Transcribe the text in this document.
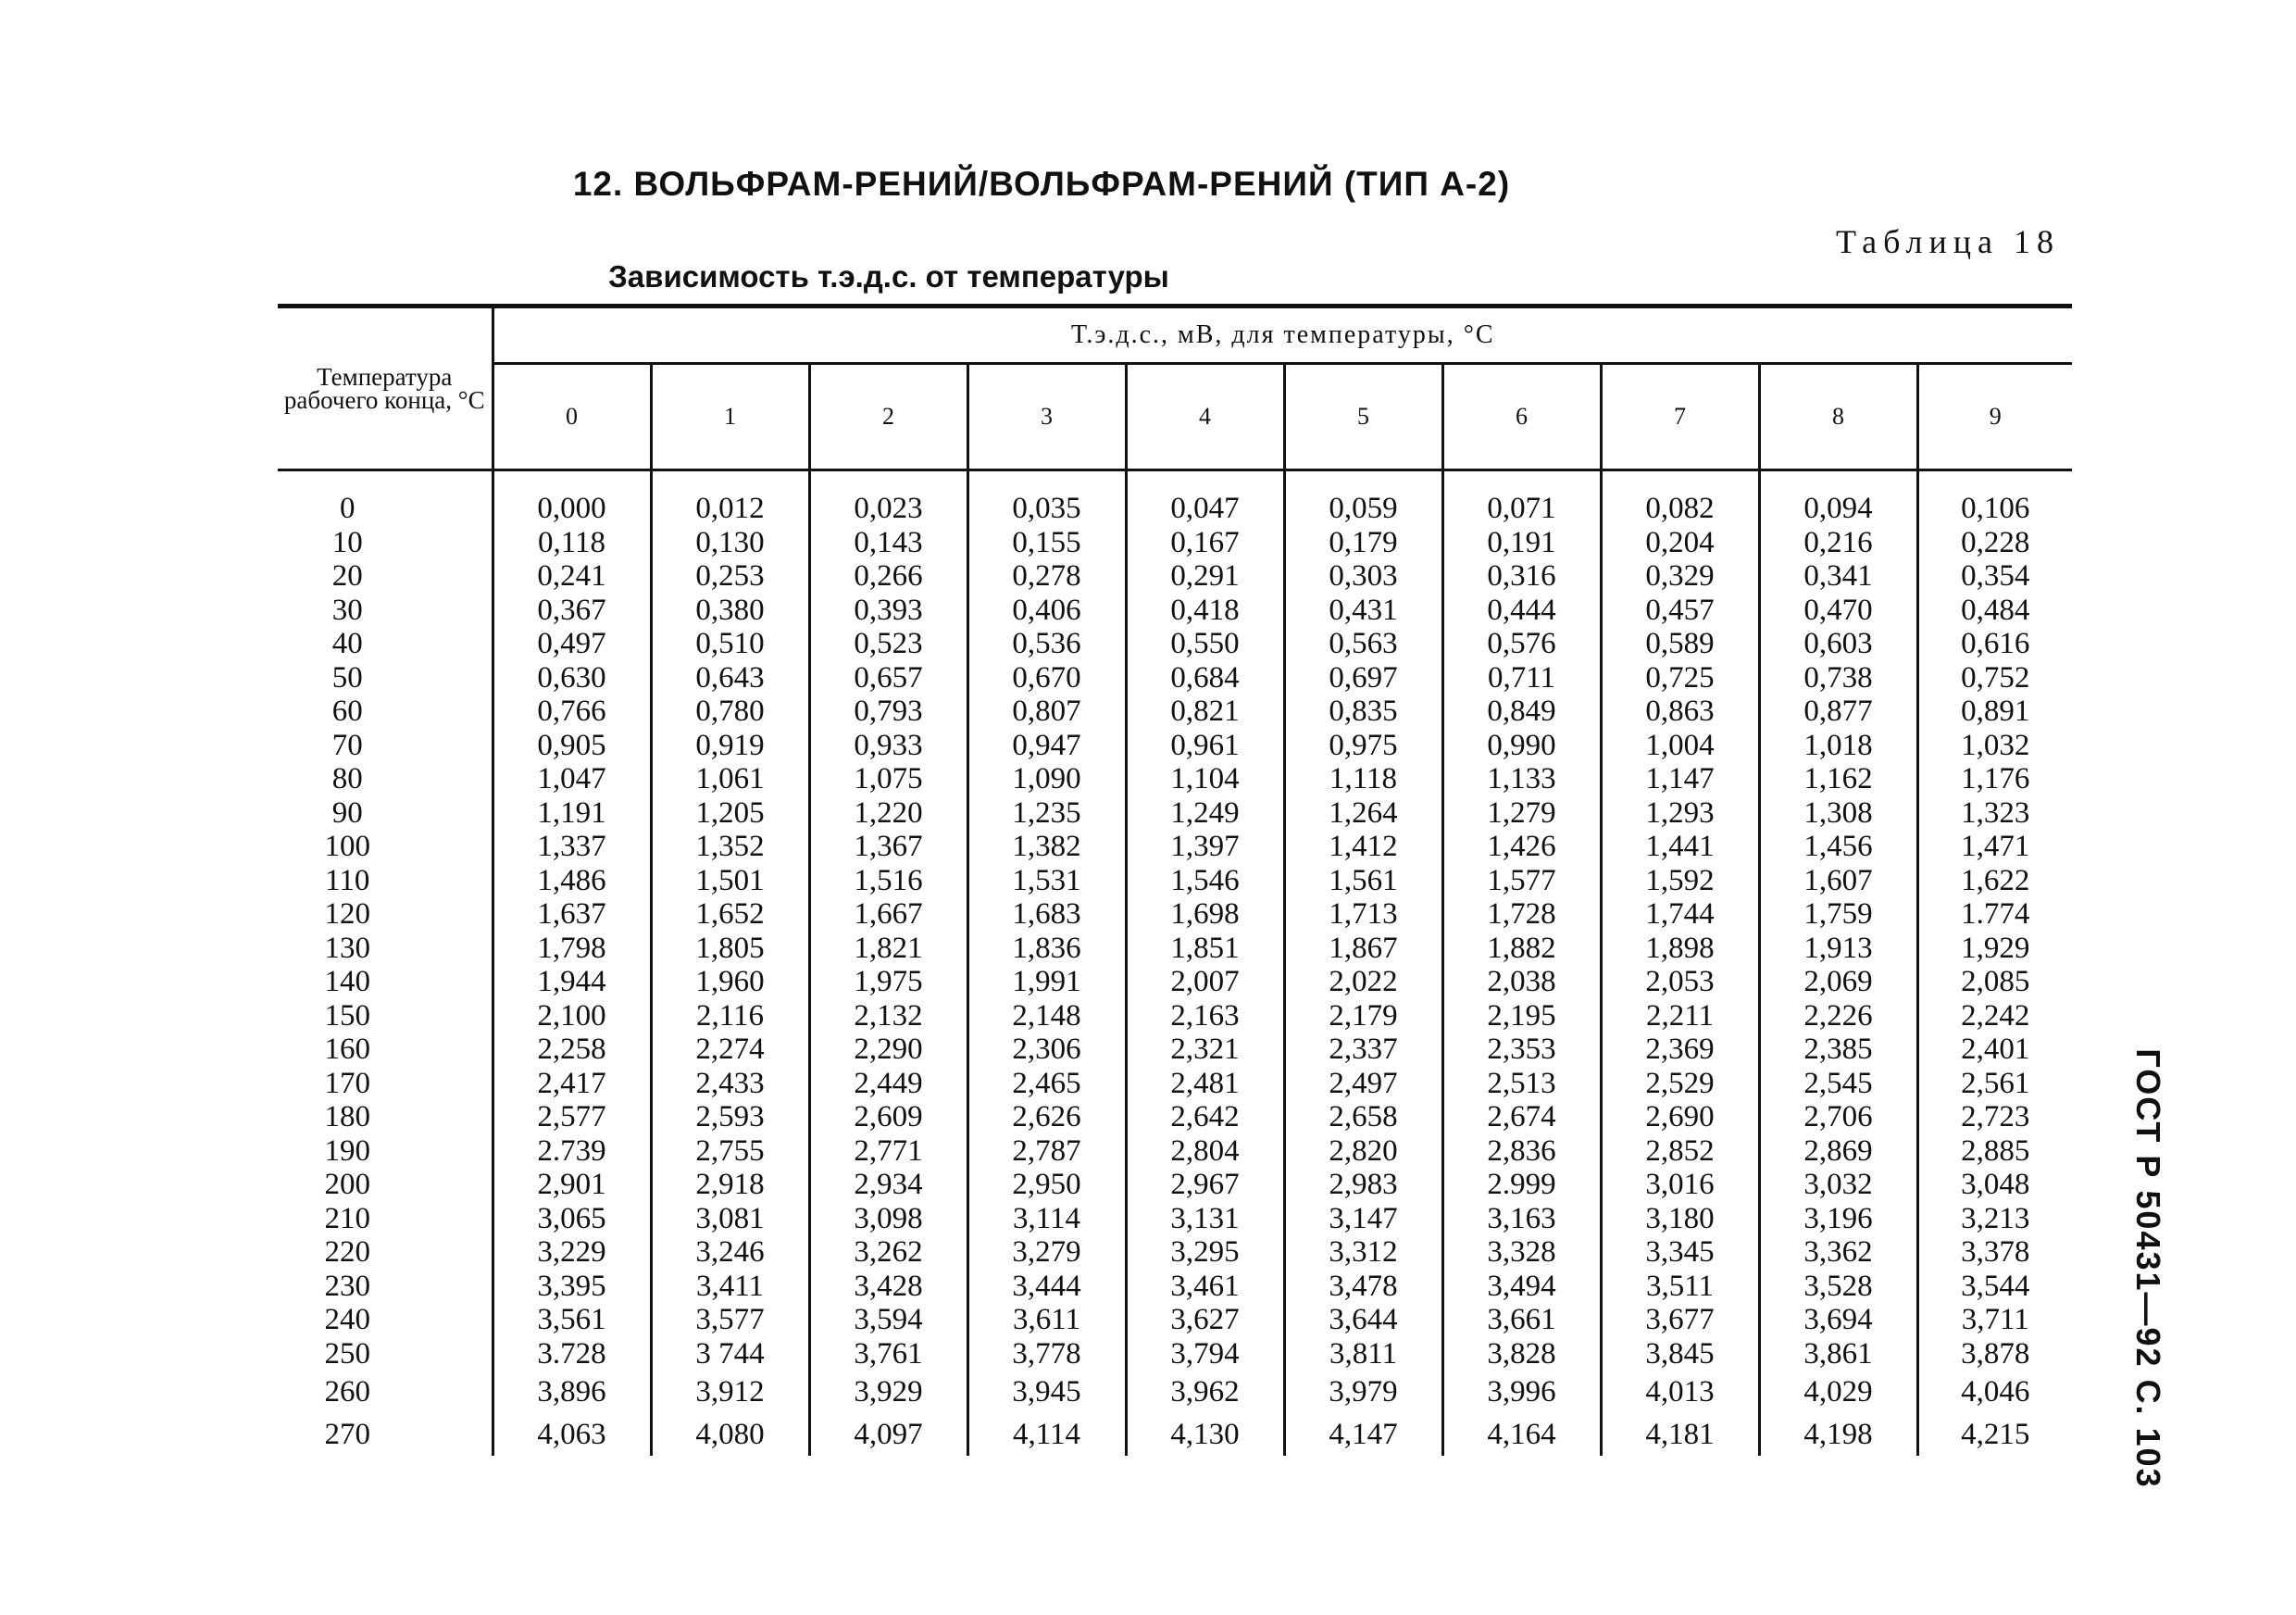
12. ВОЛЬФРАМ-РЕНИЙ/ВОЛЬФРАМ-РЕНИЙ (ТИП А-2)
Таблица 18
Зависимость т.э.д.с. от температуры
Температура рабочего конца, °С	Т.э.д.с., мВ, для температуры, °С									
	0	1	2	3	4	5	6	7	8	9

0	0,000	0,012	0,023	0,035	0,047	0,059	0,071	0,082	0,094	0,106
10	0,118	0,130	0,143	0,155	0,167	0,179	0,191	0,204	0,216	0,228
20	0,241	0,253	0,266	0,278	0,291	0,303	0,316	0,329	0,341	0,354
30	0,367	0,380	0,393	0,406	0,418	0,431	0,444	0,457	0,470	0,484
40	0,497	0,510	0,523	0,536	0,550	0,563	0,576	0,589	0,603	0,616
50	0,630	0,643	0,657	0,670	0,684	0,697	0,711	0,725	0,738	0,752
60	0,766	0,780	0,793	0,807	0,821	0,835	0,849	0,863	0,877	0,891
70	0,905	0,919	0,933	0,947	0,961	0,975	0,990	1,004	1,018	1,032
80	1,047	1,061	1,075	1,090	1,104	1,118	1,133	1,147	1,162	1,176
90	1,191	1,205	1,220	1,235	1,249	1,264	1,279	1,293	1,308	1,323
100	1,337	1,352	1,367	1,382	1,397	1,412	1,426	1,441	1,456	1,471
110	1,486	1,501	1,516	1,531	1,546	1,561	1,577	1,592	1,607	1,622
120	1,637	1,652	1,667	1,683	1,698	1,713	1,728	1,744	1,759	1.774
130	1,798	1,805	1,821	1,836	1,851	1,867	1,882	1,898	1,913	1,929
140	1,944	1,960	1,975	1,991	2,007	2,022	2,038	2,053	2,069	2,085
150	2,100	2,116	2,132	2,148	2,163	2,179	2,195	2,211	2,226	2,242
160	2,258	2,274	2,290	2,306	2,321	2,337	2,353	2,369	2,385	2,401
170	2,417	2,433	2,449	2,465	2,481	2,497	2,513	2,529	2,545	2,561
180	2,577	2,593	2,609	2,626	2,642	2,658	2,674	2,690	2,706	2,723
190	2.739	2,755	2,771	2,787	2,804	2,820	2,836	2,852	2,869	2,885
200	2,901	2,918	2,934	2,950	2,967	2,983	2.999	3,016	3,032	3,048
210	3,065	3,081	3,098	3,114	3,131	3,147	3,163	3,180	3,196	3,213
220	3,229	3,246	3,262	3,279	3,295	3,312	3,328	3,345	3,362	3,378
230	3,395	3,411	3,428	3,444	3,461	3,478	3,494	3,511	3,528	3,544
240	3,561	3,577	3,594	3,611	3,627	3,644	3,661	3,677	3,694	3,711
250	3.728	3 744	3,761	3,778	3,794	3,811	3,828	3,845	3,861	3,878
260	3,896	3,912	3,929	3,945	3,962	3,979	3,996	4,013	4,029	4,046
270	4,063	4,080	4,097	4,114	4,130	4,147	4,164	4,181	4,198	4,215	ГОСТ Р 50431—92 С. 103
